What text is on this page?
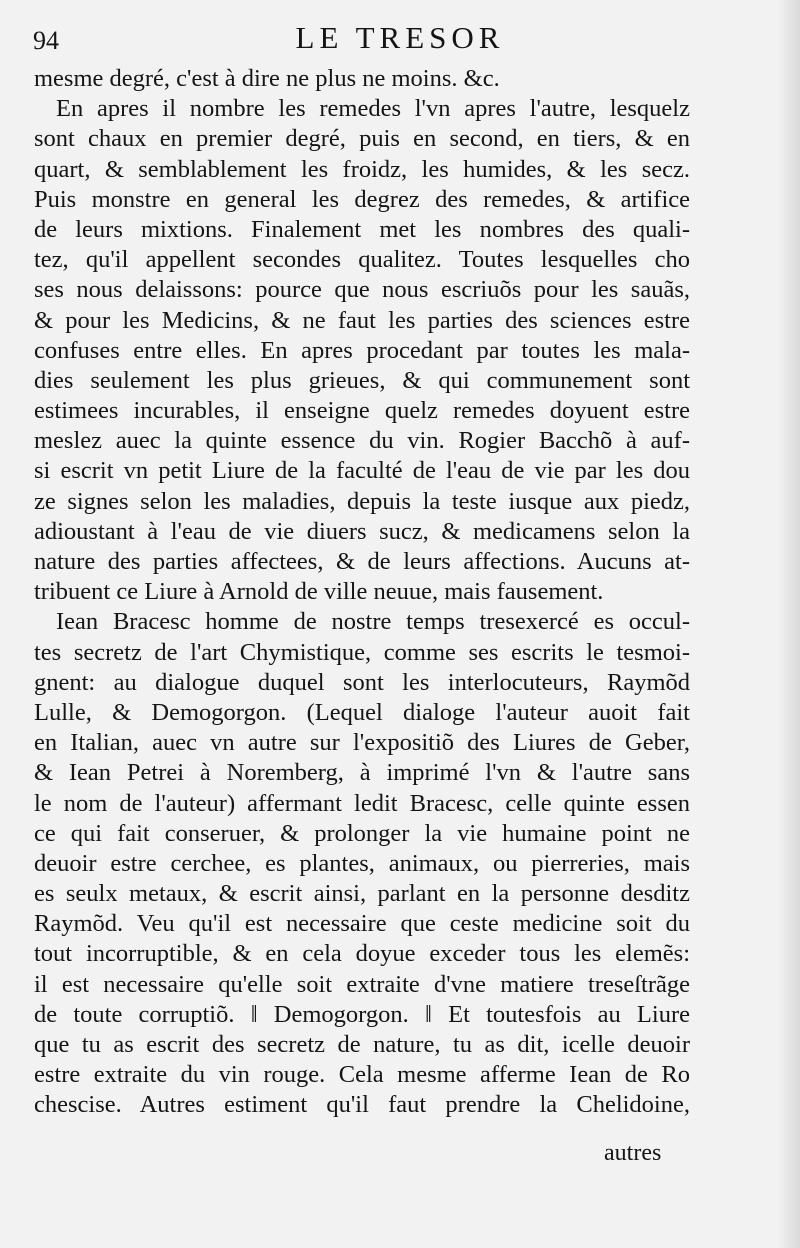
94	LE TRESOR
mesme degré, c'est à dire ne plus ne moins. &c.
En apres il nombre les remedes l'vn apres l'autre, lesquelz
sont chaux en premier degré, puis en second, en tiers, & en
quart, & semblablement les froidz, les humides, & les secz.
Puis monstre en general les degrez des remedes, & artifice
de leurs mixtions. Finalement met les nombres des quali-
tez, qu'il appellent secondes qualitez. Toutes lesquelles cho
ses nous delaissons: pource que nous escriuõs pour les sauãs,
& pour les Medicins, & ne faut les parties des sciences estre
confuses entre elles. En apres procedant par toutes les mala-
dies seulement les plus grieues, & qui communement sont
estimees incurables, il enseigne quelz remedes doyuent estre
meslez auec la quinte essence du vin. Rogier Bacchõ à auf-
si escrit vn petit Liure de la faculté de l'eau de vie par les dou
ze signes selon les maladies, depuis la teste iusque aux piedz,
adioustant à l'eau de vie diuers sucz, & medicamens selon la
nature des parties affectees, & de leurs affections. Aucuns at-
tribuent ce Liure à Arnold de ville neuue, mais fausement.
Iean Bracesc homme de nostre temps tresexercé es occul-
tes secretz de l'art Chymistique, comme ses escrits le tesmoi-
gnent: au dialogue duquel sont les interlocuteurs, Raymõd
Lulle, & Demogorgon. (Lequel dialoge l'auteur auoit fait
en Italian, auec vn autre sur l'expositiõ des Liures de Geber,
& Iean Petrei à Noremberg, à imprimé l'vn & l'autre sans
le nom de l'auteur) affermant ledit Bracesc, celle quinte essen
ce qui fait conseruer, & prolonger la vie humaine point ne
deuoir estre cerchee, es plantes, animaux, ou pierreries, mais
es seulx metaux, & escrit ainsi, parlant en la personne desditz
Raymõd. Veu qu'il est necessaire que ceste medicine soit du
tout incorruptible, & en cela doyue exceder tous les elemẽs:
il est necessaire qu'elle soit extraite d'vne matiere treseſtrãge
de toute corruptiõ. ‖ Demogorgon. ‖ Et toutesfois au Liure
que tu as escrit des secretz de nature, tu as dit, icelle deuoir
estre extraite du vin rouge. Cela mesme afferme Iean de Ro
chescise. Autres estiment qu'il faut prendre la Chelidoine,
autres
